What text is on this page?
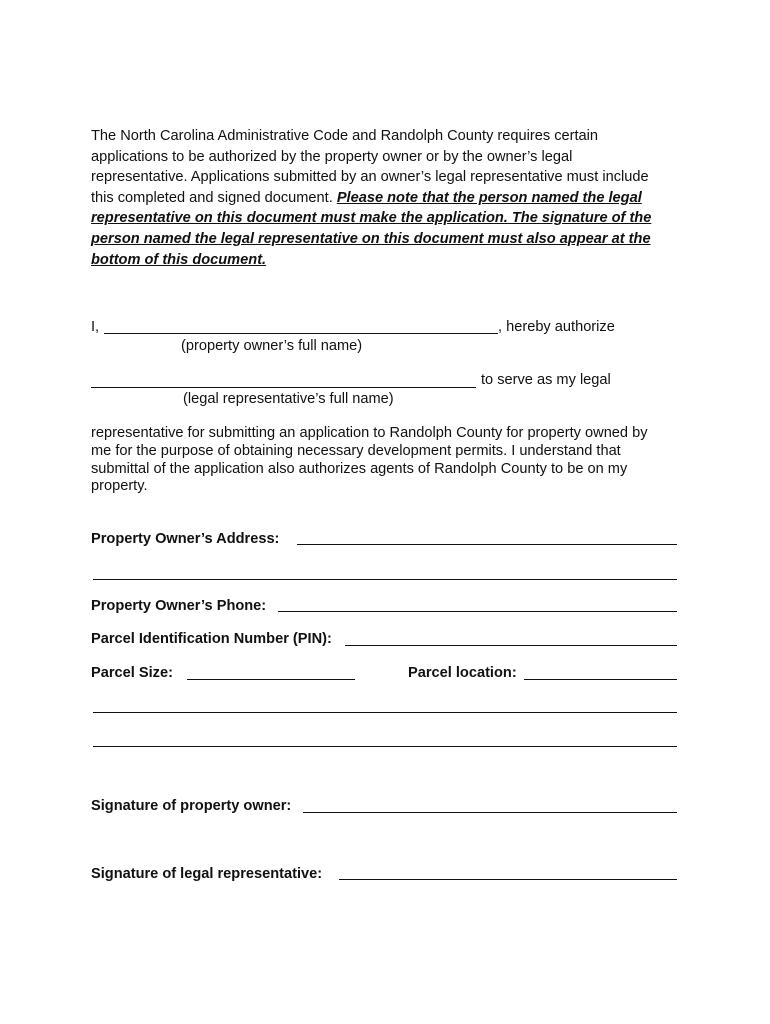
The North Carolina Administrative Code and Randolph County requires certain
applications to be authorized by the property owner or by the owner’s legal
representative. Applications submitted by an owner’s legal representative must include
this completed and signed document. Please note that the person named the legal
representative on this document must make the application. The signature of the
person named the legal representative on this document must also appear at the
bottom of this document.
I,	, hereby authorize
(property owner’s full name)
to serve as my legal
(legal representative’s full name)
representative for submitting an application to Randolph County for property owned by
me for the purpose of obtaining necessary development permits. I understand that
submittal of the application also authorizes agents of Randolph County to be on my
property.
Property Owner’s Address:
Property Owner’s Phone:
Parcel Identification Number (PIN):
Parcel Size:	Parcel location:
Signature of property owner:
Signature of legal representative:
